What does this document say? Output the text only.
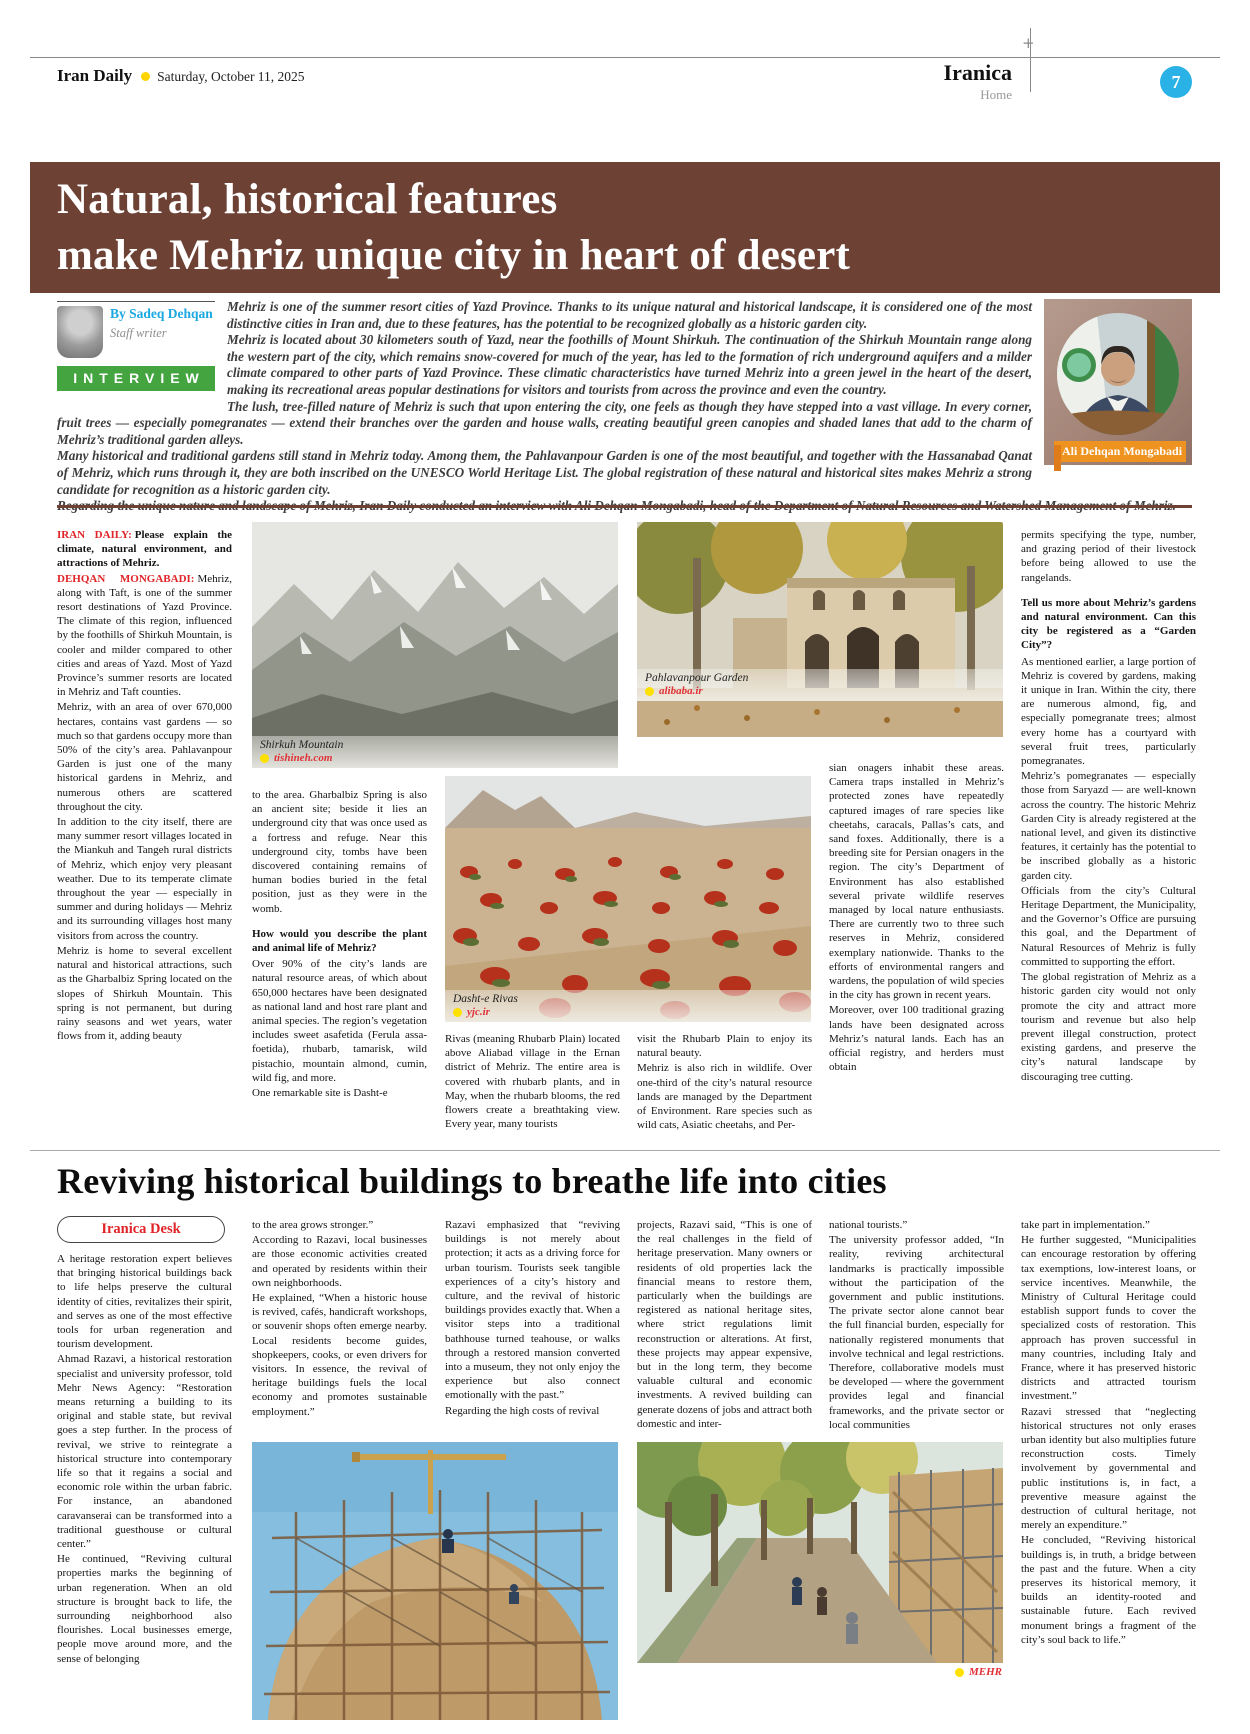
Iran Daily Saturday, October 11, 2025	Iranica
Home
+
7
Natural, historical features
make Mehriz unique city in heart of desert
By Sadeq Dehqan
Staff writer
INTERVIEW
Ali Dehqan Mongabadi

Mehriz is one of the summer resort cities of Yazd Province. Thanks to its unique natural and historical landscape, it is considered one of the most distinctive cities in Iran and, due to these features, has the potential to be recognized globally as a historic garden city.

Mehriz is located about 30 kilometers south of Yazd, near the foothills of Mount Shirkuh. The continuation of the Shirkuh Mountain range along the western part of the city, which remains snow-covered for much of the year, has led to the formation of rich underground aquifers and a milder climate compared to other parts of Yazd Province. These climatic characteristics have turned Mehriz into a green jewel in the heart of the desert, making its recreational areas popular destinations for visitors and tourists from across the province and even the country.

The lush, tree-filled nature of Mehriz is such that upon entering the city, one feels as though they have stepped into a vast village. In every corner, fruit trees — especially pomegranates — extend their branches over the garden and house walls, creating beautiful green canopies and shaded lanes that add to the charm of Mehriz’s traditional garden alleys.

Many historical and traditional gardens still stand in Mehriz today. Among them, the Pahlavanpour Garden is one of the most beautiful, and together with the Hassanabad Qanat of Mehriz, which runs through it, they are both inscribed on the UNESCO World Heritage List. The global registration of these natural and historical sites makes Mehriz a strong candidate for recognition as a historic garden city.

Shirkuh Mountain
tishineh.com
Pahlavanpour Garden
alibaba.ir
Dasht-e Rivas
yjc.ir

IRAN DAILY: Please explain the climate, natural environment, and attractions of Mehriz.

DEHQAN MONGABADI: Mehriz, along with Taft, is one of the summer resort destinations of Yazd Province. The climate of this region, influenced by the foothills of Shirkuh Mountain, is cooler and milder compared to other cities and areas of Yazd. Most of Yazd Province’s summer resorts are located in Mehriz and Taft counties.

Mehriz, with an area of over 670,000 hectares, contains vast gardens — so much so that gardens occupy more than 50% of the city’s area. Pahlavanpour Garden is just one of the many historical gardens in Mehriz, and numerous others are scattered throughout the city.

In addition to the city itself, there are many summer resort villages located in the Miankuh and Tangeh rural districts of Mehriz, which enjoy very pleasant weather. Due to its temperate climate throughout the year — especially in summer and during holidays — Mehriz and its surrounding villages host many visitors from across the country.

Mehriz is home to several excellent natural and historical attractions, such as the Gharbalbiz Spring located on the slopes of Shirkuh Mountain. This spring is not permanent, but during rainy seasons and wet years, water flows from it, adding beauty

to the area. Gharbalbiz Spring is also an ancient site; beside it lies an underground city that was once used as a fortress and refuge. Near this underground city, tombs have been discovered containing remains of human bodies buried in the fetal position, just as they were in the womb.

How would you describe the plant and animal life of Mehriz?

Over 90% of the city’s lands are natural resource areas, of which about 650,000 hectares have been designated as national land and host rare plant and animal species. The region’s vegetation includes sweet asafetida (Ferula assa-foetida), rhubarb, tamarisk, wild pistachio, mountain almond, cumin, wild fig, and more.

One remarkable site is Dasht-e

Rivas (meaning Rhubarb Plain) located above Aliabad village in the Ernan district of Mehriz. The entire area is covered with rhubarb plants, and in May, when the rhubarb blooms, the red flowers create a breathtaking view. Every year, many tourists

visit the Rhubarb Plain to enjoy its natural beauty.

Mehriz is also rich in wildlife. Over one-third of the city’s natural resource lands are managed by the Department of Environment. Rare species such as wild cats, Asiatic cheetahs, and Per-

sian onagers inhabit these areas. Camera traps installed in Mehriz’s protected zones have repeatedly captured images of rare species like cheetahs, caracals, Pallas’s cats, and sand foxes. Additionally, there is a breeding site for Persian onagers in the region. The city’s Department of Environment has also established several private wildlife reserves managed by local nature enthusiasts. There are currently two to three such reserves in Mehriz, considered exemplary nationwide. Thanks to the efforts of environmental rangers and wardens, the population of wild species in the city has grown in recent years.

Moreover, over 100 traditional grazing lands have been designated across Mehriz’s natural lands. Each has an official registry, and herders must obtain

permits specifying the type, number, and grazing period of their livestock before being allowed to use the rangelands.

Tell us more about Mehriz’s gardens and natural environment. Can this city be registered as a “Garden City”?

As mentioned earlier, a large portion of Mehriz is covered by gardens, making it unique in Iran. Within the city, there are numerous almond, fig, and especially pomegranate trees; almost every home has a courtyard with several fruit trees, particularly pomegranates.

Mehriz’s pomegranates — especially those from Saryazd — are well-known across the country. The historic Mehriz Garden City is already registered at the national level, and given its distinctive features, it certainly has the potential to be inscribed globally as a historic garden city.

Officials from the city’s Cultural Heritage Department, the Municipality, and the Governor’s Office are pursuing this goal, and the Department of Natural Resources of Mehriz is fully committed to supporting the effort.

The global registration of Mehriz as a historic garden city would not only promote the city and attract more tourism and revenue but also help prevent illegal construction, protect existing gardens, and preserve the city’s natural landscape by discouraging tree cutting.

Reviving historical buildings to breathe life into cities
Iranica Desk

A heritage restoration expert believes that bringing historical buildings back to life helps preserve the cultural identity of cities, revitalizes their spirit, and serves as one of the most effective tools for urban regeneration and tourism development.

Ahmad Razavi, a historical restoration specialist and university professor, told Mehr News Agency: “Restoration means returning a building to its original and stable state, but revival goes a step further. In the process of revival, we strive to reintegrate a historical structure into contemporary life so that it regains a social and economic role within the urban fabric. For instance, an abandoned caravanserai can be transformed into a traditional guesthouse or cultural center.”

He continued, “Reviving cultural properties marks the beginning of urban regeneration. When an old structure is brought back to life, the surrounding neighborhood also flourishes. Local businesses emerge, people move around more, and the sense of belonging

to the area grows stronger.”

According to Razavi, local businesses are those economic activities created and operated by residents within their own neighborhoods.

He explained, “When a historic house is revived, cafés, handicraft workshops, or souvenir shops often emerge nearby. Local residents become guides, shopkeepers, cooks, or even drivers for visitors. In essence, the revival of heritage buildings fuels the local economy and promotes sustainable employment.”

Razavi emphasized that “reviving buildings is not merely about protection; it acts as a driving force for urban tourism. Tourists seek tangible experiences of a city’s history and culture, and the revival of historic buildings provides exactly that. When a visitor steps into a traditional bathhouse turned teahouse, or walks through a restored mansion converted into a museum, they not only enjoy the experience but also connect emotionally with the past.”

Regarding the high costs of revival

projects, Razavi said, “This is one of the real challenges in the field of heritage preservation. Many owners or residents of old properties lack the financial means to restore them, particularly when the buildings are registered as national heritage sites, where strict regulations limit reconstruction or alterations. At first, these projects may appear expensive, but in the long term, they become valuable cultural and economic investments. A revived building can generate dozens of jobs and attract both domestic and inter-

national tourists.”

The university professor added, “In reality, reviving architectural landmarks is practically impossible without the participation of the government and public institutions. The private sector alone cannot bear the full financial burden, especially for nationally registered monuments that involve technical and legal restrictions. Therefore, collaborative models must be developed — where the government provides legal and financial frameworks, and the private sector or local communities

take part in implementation.”

He further suggested, “Municipalities can encourage restoration by offering tax exemptions, low-interest loans, or service incentives. Meanwhile, the Ministry of Cultural Heritage could establish support funds to cover the specialized costs of restoration. This approach has proven successful in many countries, including Italy and France, where it has preserved historic districts and attracted tourism investment.”

Razavi stressed that “neglecting historical structures not only erases urban identity but also multiplies future reconstruction costs. Timely involvement by governmental and public institutions is, in fact, a preventive measure against the destruction of cultural heritage, not merely an expenditure.”

He concluded, “Reviving historical buildings is, in truth, a bridge between the past and the future. When a city preserves its historical memory, it builds an identity-rooted and sustainable future. Each revived monument brings a fragment of the city’s soul back to life.”

MEHR
